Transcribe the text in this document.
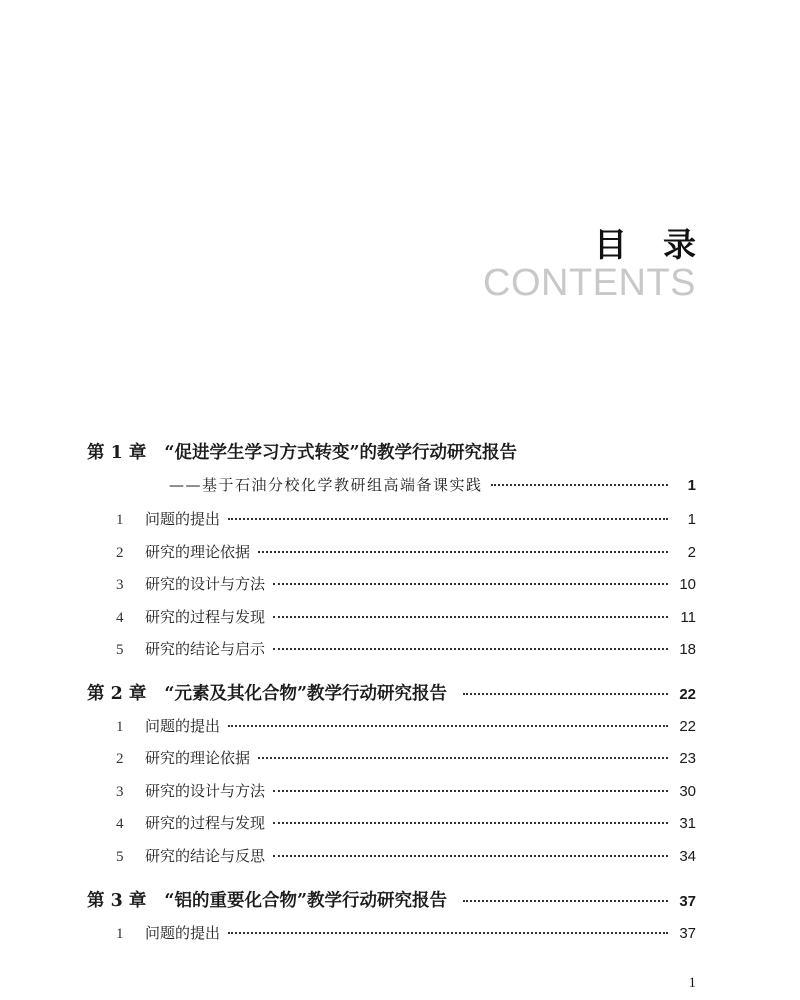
目录
CONTENTS
第 1 章 “促进学生学习方式转变”的教学行动研究报告
——基于石油分校化学教研组高端备课实践	1
1	问题的提出	1
2	研究的理论依据	2
3	研究的设计与方法	10
4	研究的过程与发现	11
5	研究的结论与启示	18
第 2 章 “元素及其化合物”教学行动研究报告	22
1	问题的提出	22
2	研究的理论依据	23
3	研究的设计与方法	30
4	研究的过程与发现	31
5	研究的结论与反思	34
第 3 章 “铝的重要化合物”教学行动研究报告	37
1	问题的提出	37
1
